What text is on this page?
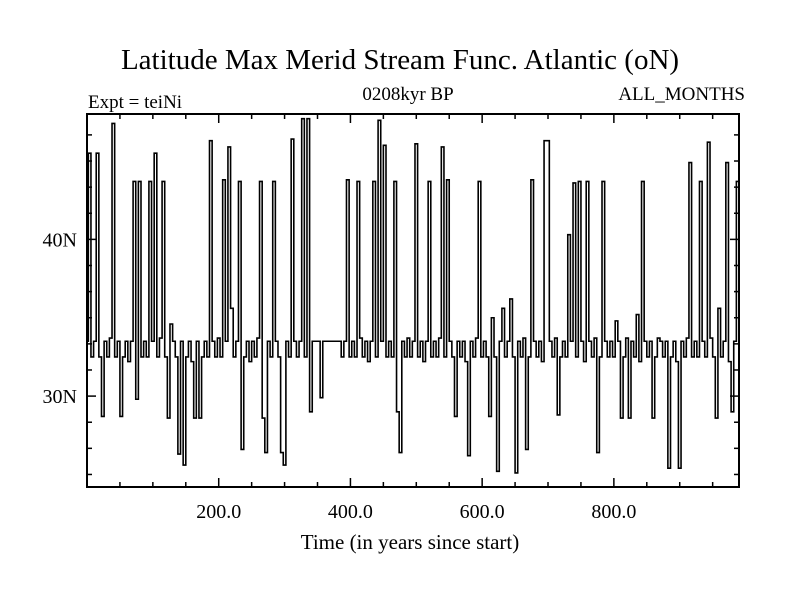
Latitude Max Merid Stream Func. Atlantic (oN)
Expt = teiNi	0208kyr BP	ALL_MONTHS
200.0	400.0	600.0	800.0
30N
40N
Time (in years since start)
